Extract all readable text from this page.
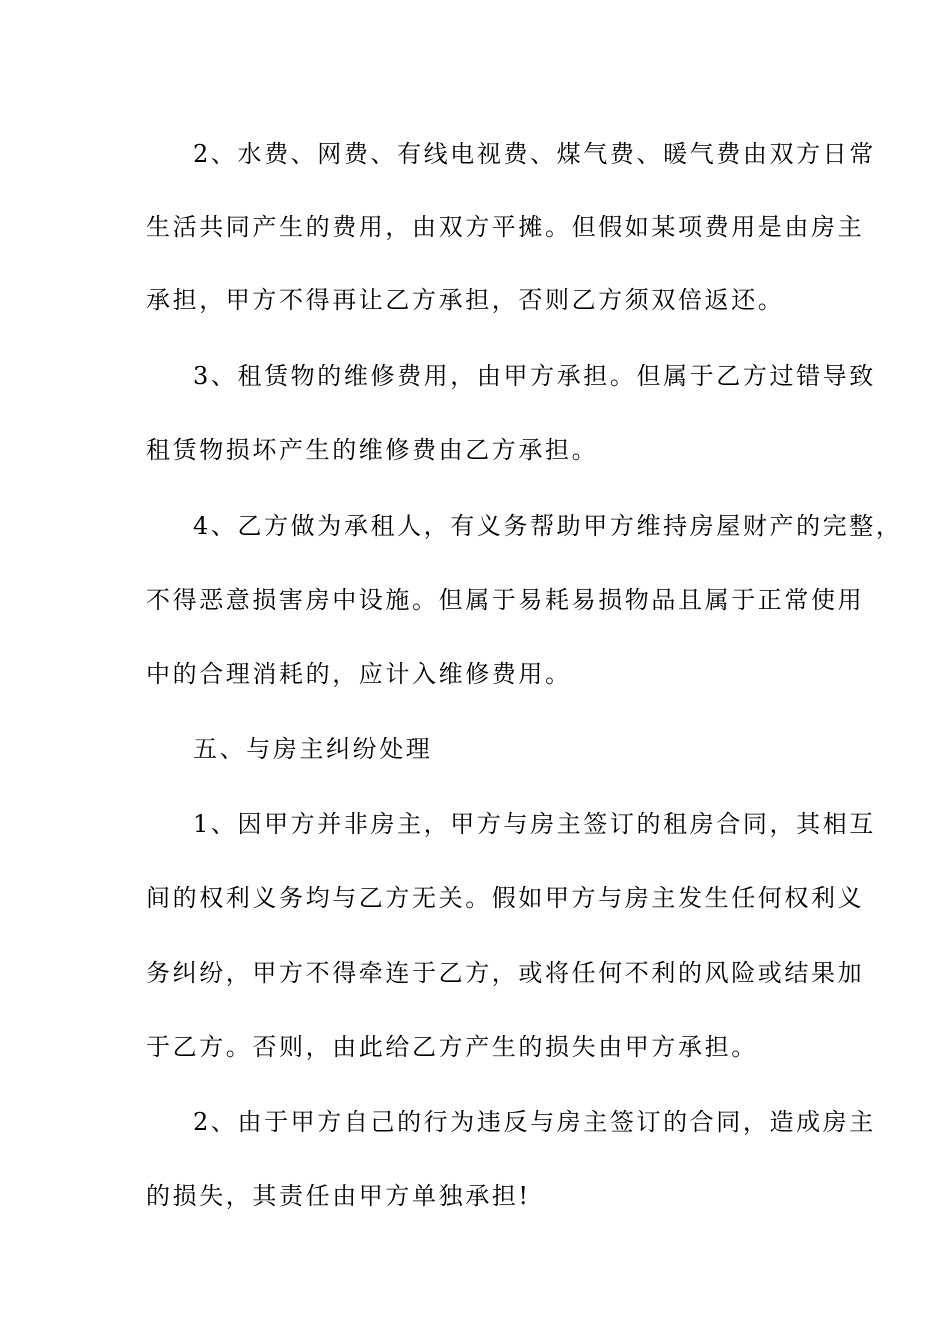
2、水费、网费、有线电视费、煤气费、暖气费由双方日常
生活共同产生的费用，由双方平摊。但假如某项费用是由房主
承担，甲方不得再让乙方承担，否则乙方须双倍返还。
3、租赁物的维修费用，由甲方承担。但属于乙方过错导致
租赁物损坏产生的维修费由乙方承担。
4、乙方做为承租人，有义务帮助甲方维持房屋财产的完整，
不得恶意损害房中设施。但属于易耗易损物品且属于正常使用
中的合理消耗的，应计入维修费用。
五、与房主纠纷处理
1、因甲方并非房主，甲方与房主签订的租房合同，其相互
间的权利义务均与乙方无关。假如甲方与房主发生任何权利义
务纠纷，甲方不得牵连于乙方，或将任何不利的风险或结果加
于乙方。否则，由此给乙方产生的损失由甲方承担。
2、由于甲方自己的行为违反与房主签订的合同，造成房主
的损失，其责任由甲方单独承担!
